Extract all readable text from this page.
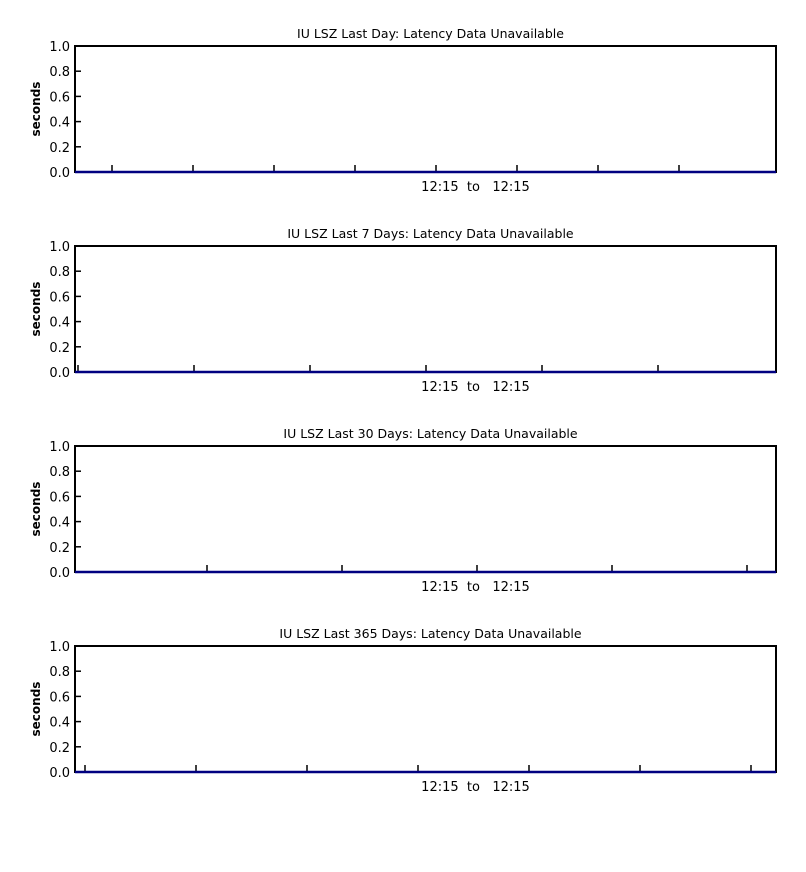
IU LSZ Last Day: Latency Data Unavailable
0.0
0.2
0.4
0.6
0.8
1.0
seconds
12:15  to   12:15
IU LSZ Last 7 Days: Latency Data Unavailable
0.0
0.2
0.4
0.6
0.8
1.0
seconds
12:15  to   12:15
IU LSZ Last 30 Days: Latency Data Unavailable
0.0
0.2
0.4
0.6
0.8
1.0
seconds
12:15  to   12:15
IU LSZ Last 365 Days: Latency Data Unavailable
0.0
0.2
0.4
0.6
0.8
1.0
seconds
12:15  to   12:15
